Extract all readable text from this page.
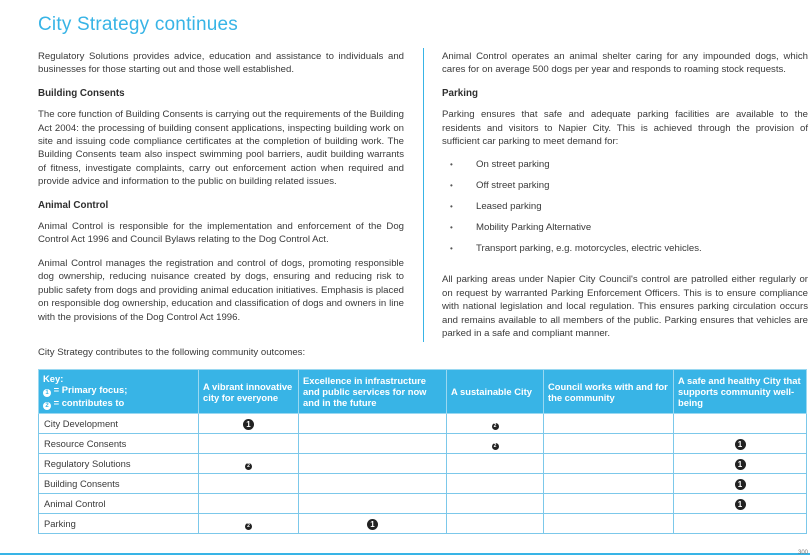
City Strategy continues

Regulatory Solutions provides advice, education and assistance to individuals and businesses for those starting out and those well established.

Building Consents

The core function of Building Consents is carrying out the requirements of the Building Act 2004: the processing of building consent applications, inspecting building work on site and issuing code compliance certificates at the completion of building work. The Building Consents team also inspect swimming pool barriers, audit building warrants of fitness, investigate complaints, carry out enforcement action when required and provide advice and information to the public on building related issues.

Animal Control

Animal Control is responsible for the implementation and enforcement of the Dog Control Act 1996 and Council Bylaws relating to the Dog Control Act.

Animal Control manages the registration and control of dogs, promoting responsible dog ownership, reducing nuisance created by dogs, ensuring and reducing risk to public safety from dogs and providing animal education initiatives. Emphasis is placed on responsible dog ownership, education and classification of dogs and owners in line with the provisions of the Dog Control Act 1996.

Animal Control operates an animal shelter caring for any impounded dogs, which cares for on average 500 dogs per year and responds to roaming stock requests.

Parking

Parking ensures that safe and adequate parking facilities are available to the residents and visitors to Napier City. This is achieved through the provision of sufficient car parking to meet demand for:

• On street parking
• Off street parking
• Leased parking
• Mobility Parking Alternative
• Transport parking, e.g. motorcycles, electric vehicles.

All parking areas under Napier City Council's control are patrolled either regularly or on request by warranted Parking Enforcement Officers. This is to ensure compliance with national legislation and local regulation. This ensures parking circulation occurs and remains available to all members of the public. Parking ensures that vehicles are parked in a safe and compliant manner.

City Strategy contributes to the following community outcomes:
Key:
1 = Primary focus;
2 = contributes to	A vibrant innovative city for everyone	Excellence in infrastructure and public services for now and in the future	A sustainable City	Council works with and for the community	A safe and healthy City that supports community well-being
City Development	1		2		
Resource Consents			2		1
Regulatory Solutions	2				1
Building Consents					1
Animal Control					1
Parking	2	1			
300
